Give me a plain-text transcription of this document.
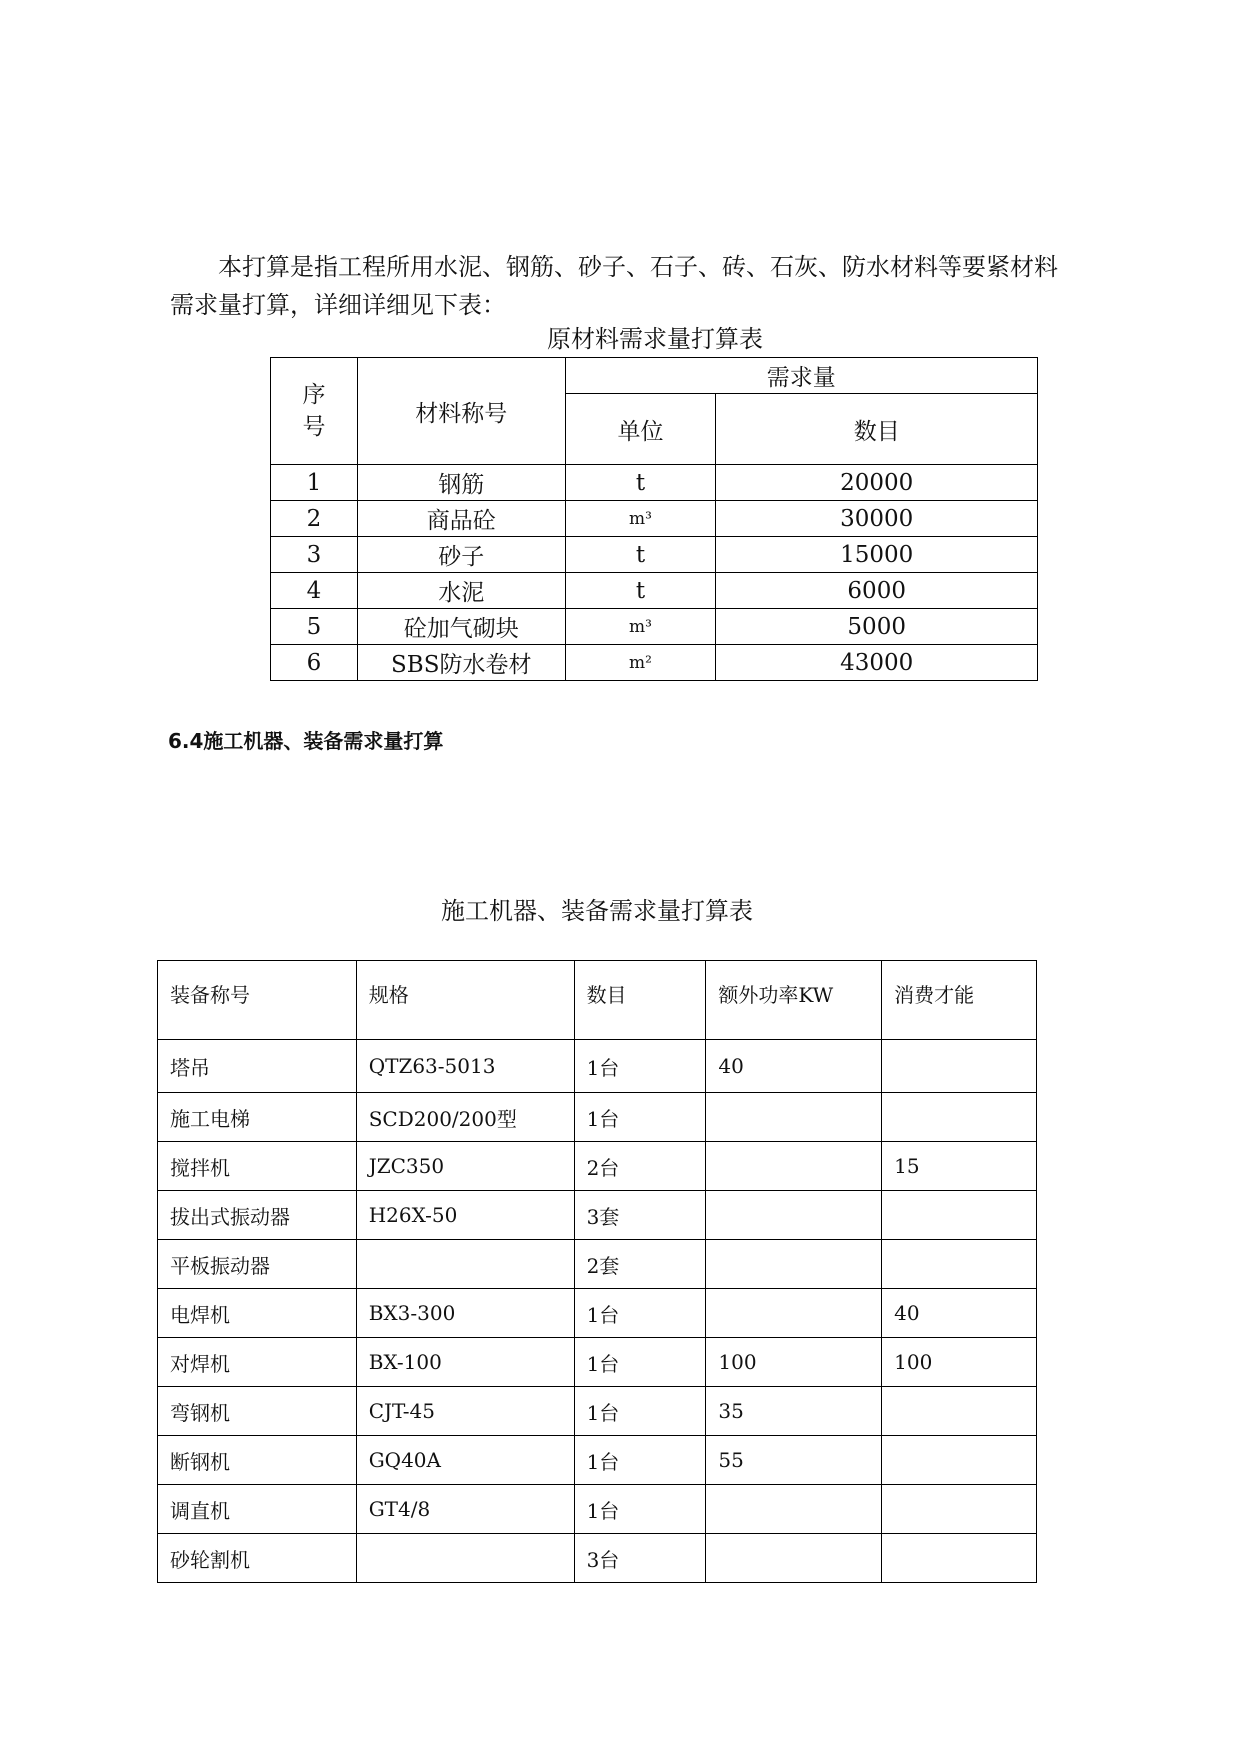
本打算是指工程所用水泥、钢筋、砂子、石子、砖、石灰、防水材料等要紧材料
需求量打算，详细详细见下表：

原材料需求量打算表

序号	材料称号	需求量	
		单位	数目
1	钢筋	t	20000
2	商品砼	m³	30000
3	砂子	t	15000
4	水泥	t	6000
5	砼加气砌块	m³	5000
6	SBS防水卷材	m²	43000

6.4施工机器、装备需求量打算

施工机器、装备需求量打算表

装备称号	规格	数目	额外功率KW	消费才能
塔吊	QTZ63-5013	1台	40	
施工电梯	SCD200/200型	1台		
搅拌机	JZC350	2台		15
拔出式振动器	H26X-50	3套		
平板振动器		2套		
电焊机	BX3-300	1台		40
对焊机	BX-100	1台	100	100
弯钢机	CJT-45	1台	35	
断钢机	GQ40A	1台	55	
调直机	GT4/8	1台		
砂轮割机		3台		
